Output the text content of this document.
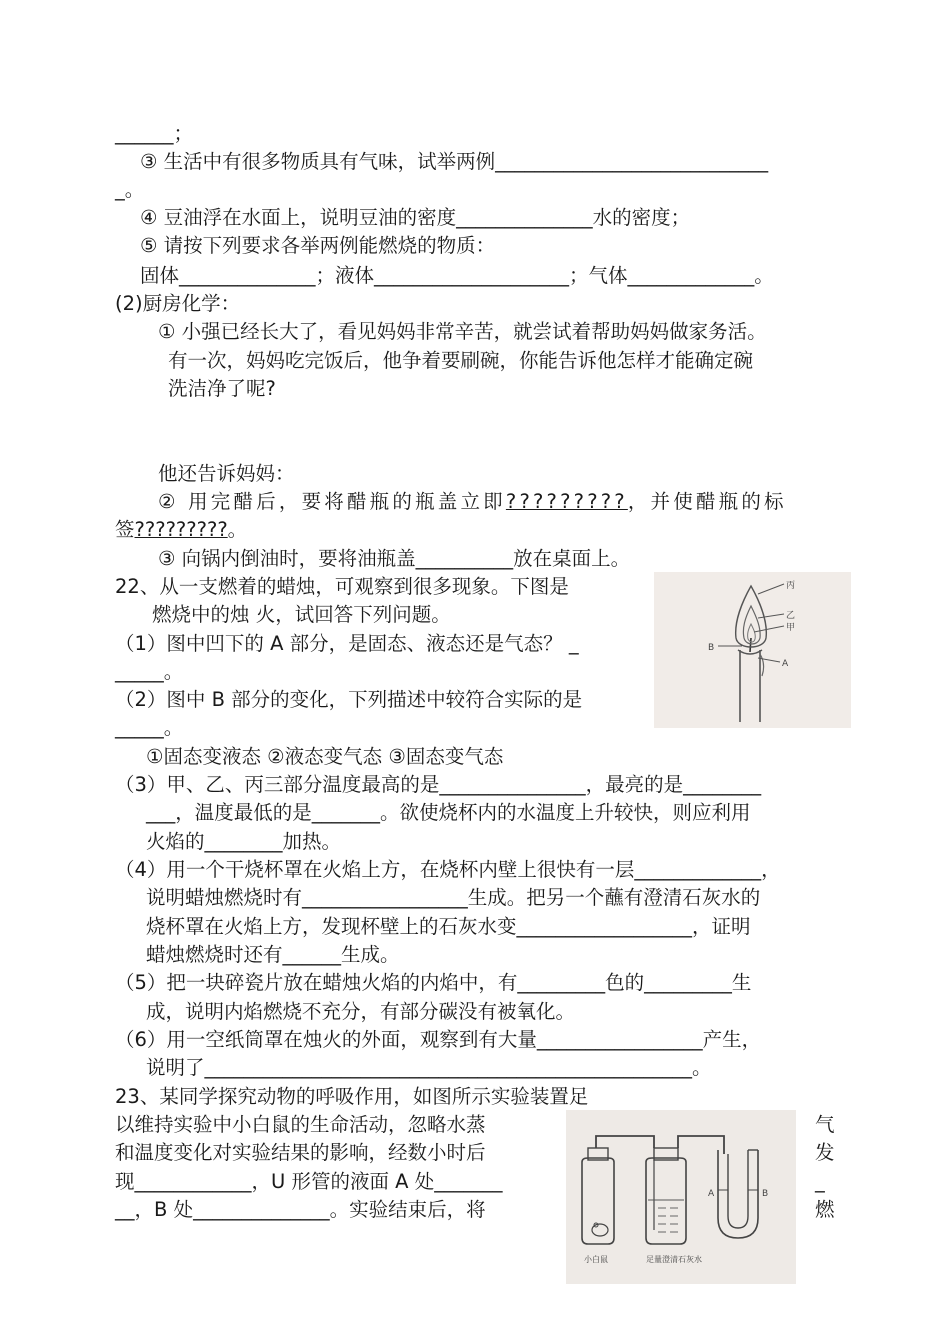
______；
③ 生活中有很多物质具有气味，试举两例____________________________
_。
④ 豆油浮在水面上，说明豆油的密度______________水的密度；
⑤ 请按下列要求各举两例能燃烧的物质：
固体______________；液体____________________；气体_____________。
(2)厨房化学：
① 小强已经长大了，看见妈妈非常辛苦，就尝试着帮助妈妈做家务活。
有一次，妈妈吃完饭后，他争着要刷碗，你能告诉他怎样才能确定碗
洗洁净了呢?
他还告诉妈妈：
② 用完醋后，要将醋瓶的瓶盖立即?????????，并使醋瓶的标
签?????????。
③ 向锅内倒油时，要将油瓶盖__________放在桌面上。
22、从一支燃着的蜡烛，可观察到很多现象。下图是
燃烧中的烛 火，试回答下列问题。
（1）图中凹下的 A 部分，是固态、液态还是气态？ _
_____。
（2）图中 B 部分的变化，下列描述中较符合实际的是
_____。
①固态变液态 ②液态变气态 ③固态变气态
（3）甲、乙、丙三部分温度最高的是_______________，最亮的是________
___，温度最低的是_______。欲使烧杯内的水温度上升较快，则应利用
火焰的________加热。
（4）用一个干烧杯罩在火焰上方，在烧杯内壁上很快有一层_____________，
说明蜡烛燃烧时有_________________生成。把另一个蘸有澄清石灰水的
烧杯罩在火焰上方，发现杯壁上的石灰水变__________________，证明
蜡烛燃烧时还有______生成。
（5）把一块碎瓷片放在蜡烛火焰的内焰中，有_________色的_________生
成，说明内焰燃烧不充分，有部分碳没有被氧化。
（6）用一空纸筒罩在烛火的外面，观察到有大量_________________产生，
说明了__________________________________________________。
23、某同学探究动物的呼吸作用，如图所示实验装置足
以维持实验中小白鼠的生命活动，忽略水蒸
和温度变化对实验结果的影响，经数小时后
现____________，U 形管的液面 A 处_______
__，B 处______________。实验结束后，将
气
发
_
燃
丙
乙
甲
A
B
A	B
小白鼠	足量澄清石灰水
